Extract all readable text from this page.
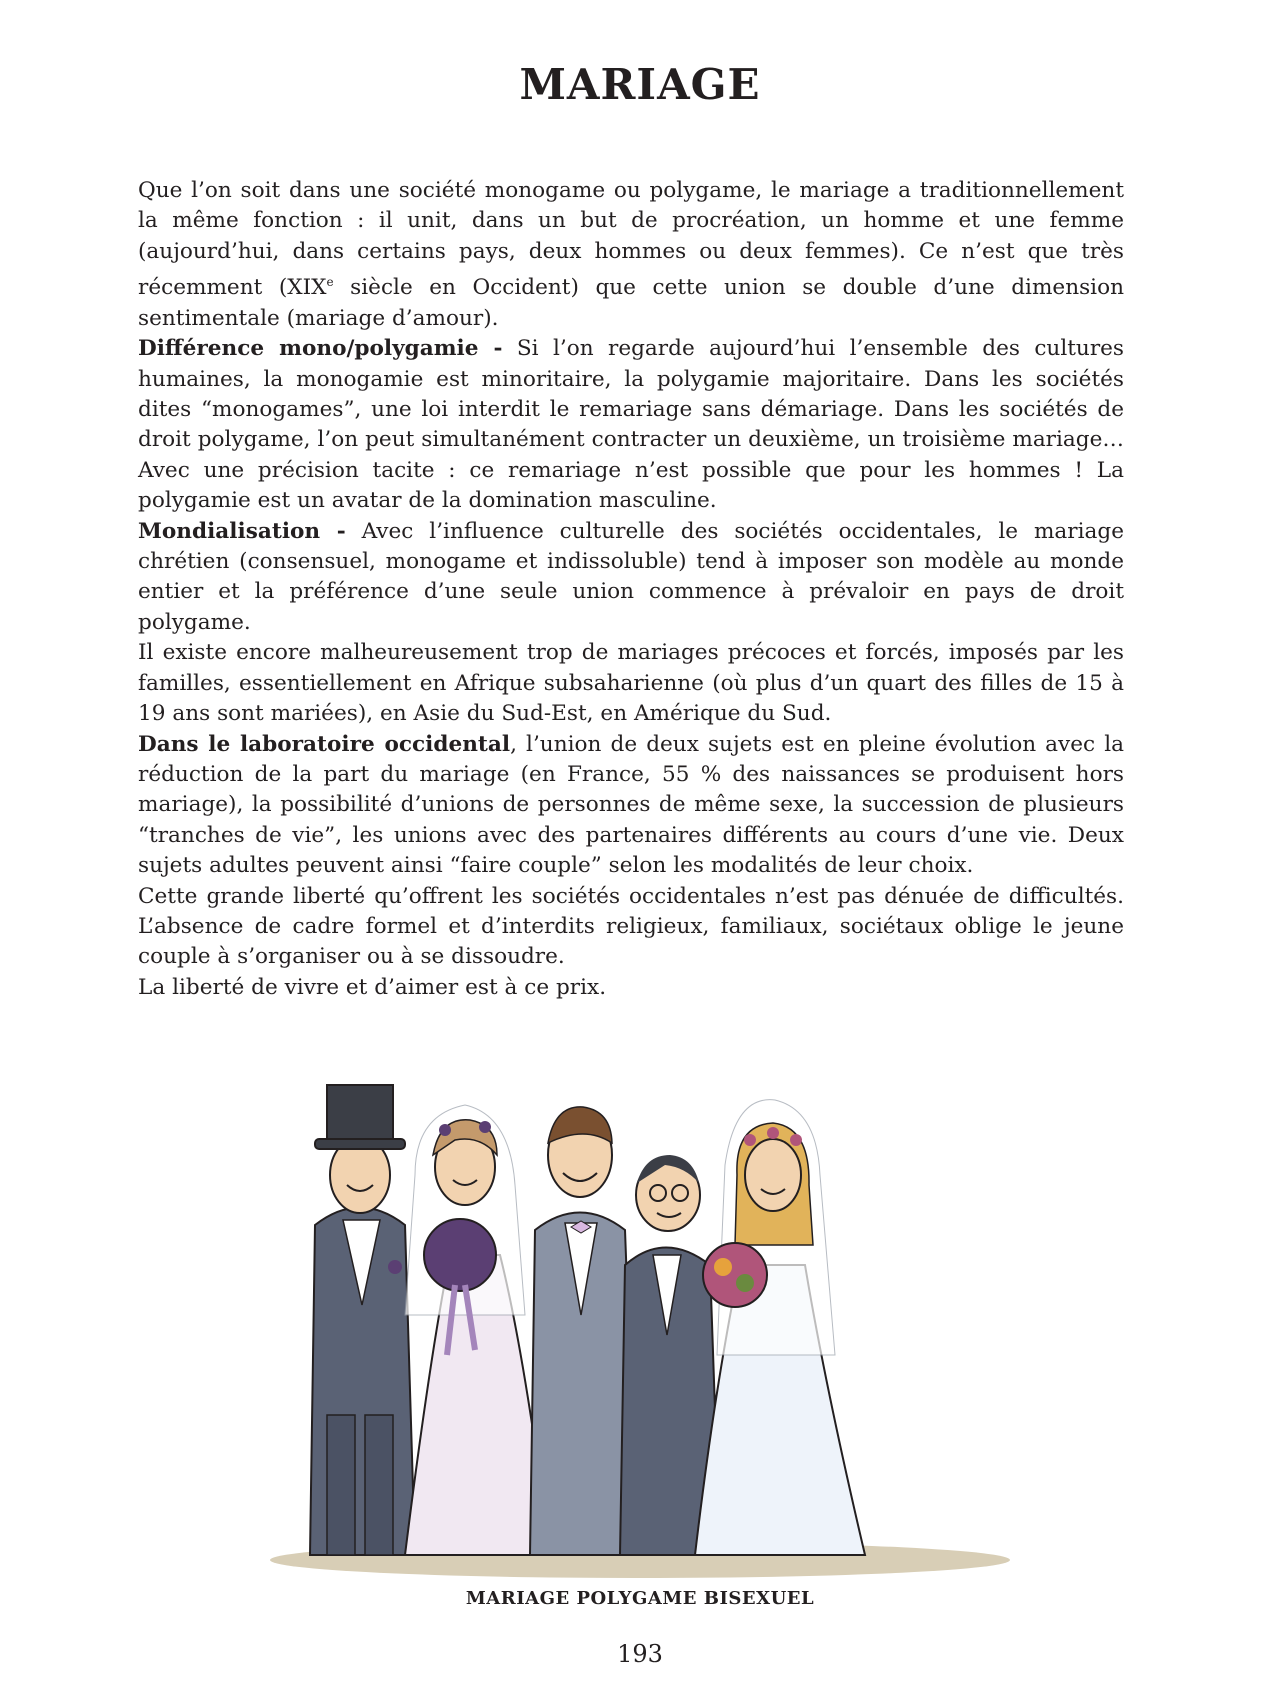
MARIAGE

Que l’on soit dans une société monogame ou polygame, le mariage a traditionnellement la même fonction : il unit, dans un but de procréation, un homme et une femme (aujourd’hui, dans certains pays, deux hommes ou deux femmes). Ce n’est que très récemment (XIXe siècle en Occident) que cette union se double d’une dimension sentimentale (mariage d’amour).

Différence mono/polygamie - Si l’on regarde aujourd’hui l’ensemble des cultures humaines, la monogamie est minoritaire, la polygamie majoritaire. Dans les sociétés dites “monogames”, une loi interdit le remariage sans démariage. Dans les sociétés de droit polygame, l’on peut simultanément contracter un deuxième, un troisième mariage… Avec une précision tacite : ce remariage n’est possible que pour les hommes ! La polygamie est un avatar de la domination masculine.

Mondialisation - Avec l’influence culturelle des sociétés occidentales, le mariage chrétien (consensuel, monogame et indissoluble) tend à imposer son modèle au monde entier et la préférence d’une seule union commence à prévaloir en pays de droit polygame.

Il existe encore malheureusement trop de mariages précoces et forcés, imposés par les familles, essentiellement en Afrique subsaharienne (où plus d’un quart des filles de 15 à 19 ans sont mariées), en Asie du Sud-Est, en Amérique du Sud.

Dans le laboratoire occidental, l’union de deux sujets est en pleine évolution avec la réduction de la part du mariage (en France, 55 % des naissances se produisent hors mariage), la possibilité d’unions de personnes de même sexe, la succession de plusieurs “tranches de vie”, les unions avec des partenaires différents au cours d’une vie. Deux sujets adultes peuvent ainsi “faire couple” selon les modalités de leur choix.

Cette grande liberté qu’offrent les sociétés occidentales n’est pas dénuée de difficultés. L’absence de cadre formel et d’interdits religieux, familiaux, sociétaux oblige le jeune couple à s’organiser ou à se dissoudre.

La liberté de vivre et d’aimer est à ce prix.

MARIAGE POLYGAME BISEXUEL
193
